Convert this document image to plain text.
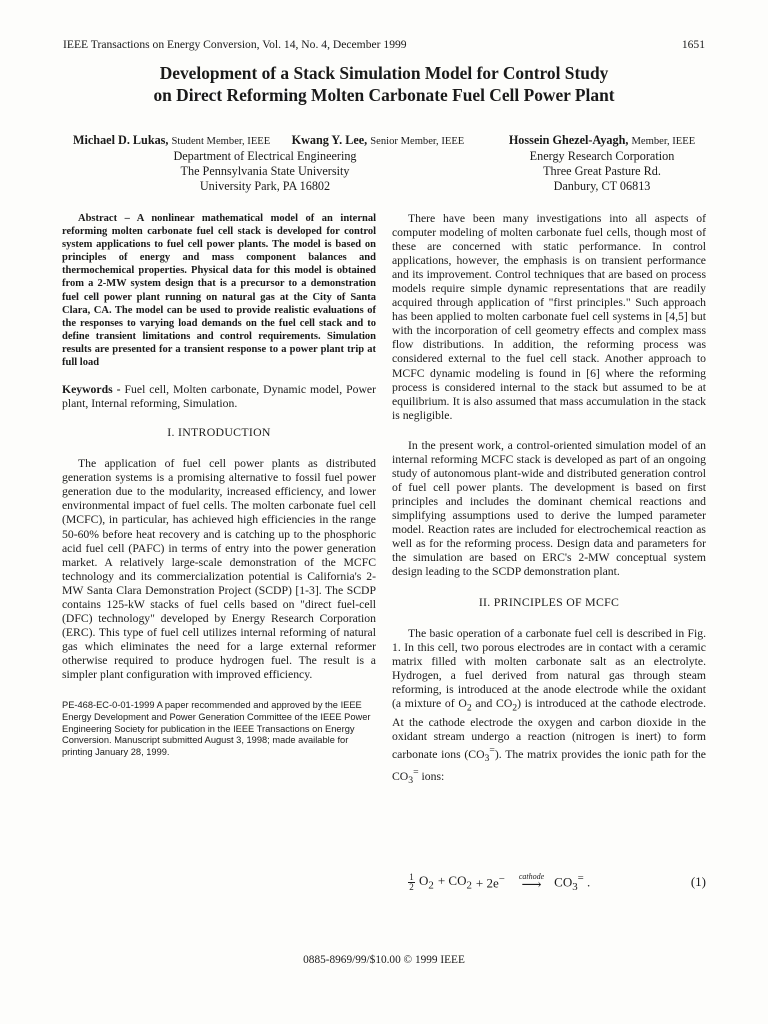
IEEE Transactions on Energy Conversion, Vol. 14, No. 4, December 1999	1651
Development of a Stack Simulation Model for Control Study
on Direct Reforming Molten Carbonate Fuel Cell Power Plant
Michael D. Lukas, Student Member, IEEE Kwang Y. Lee, Senior Member, IEEE
Department of Electrical Engineering
The Pennsylvania State University
University Park, PA 16802
Hossein Ghezel-Ayagh, Member, IEEE
Energy Research Corporation
Three Great Pasture Rd.
Danbury, CT 06813

Abstract – A nonlinear mathematical model of an internal reforming molten carbonate fuel cell stack is developed for control system applications to fuel cell power plants. The model is based on principles of energy and mass component balances and thermochemical properties. Physical data for this model is obtained from a 2-MW system design that is a precursor to a demonstration fuel cell power plant running on natural gas at the City of Santa Clara, CA. The model can be used to provide realistic evaluations of the responses to varying load demands on the fuel cell stack and to define transient limitations and control requirements. Simulation results are presented for a transient response to a power plant trip at full load

Keywords - Fuel cell, Molten carbonate, Dynamic model, Power plant, Internal reforming, Simulation.

I. INTRODUCTION

The application of fuel cell power plants as distributed generation systems is a promising alternative to fossil fuel power generation due to the modularity, increased efficiency, and lower environmental impact of fuel cells. The molten carbonate fuel cell (MCFC), in particular, has achieved high efficiencies in the range 50-60% before heat recovery and is catching up to the phosphoric acid fuel cell (PAFC) in terms of entry into the power generation market. A relatively large-scale demonstration of the MCFC technology and its commercialization potential is California's 2-MW Santa Clara Demonstration Project (SCDP) [1-3]. The SCDP contains 125-kW stacks of fuel cells based on "direct fuel-cell (DFC) technology" developed by Energy Research Corporation (ERC). This type of fuel cell utilizes internal reforming of natural gas which eliminates the need for a large external reformer otherwise required to produce hydrogen fuel. The result is a simpler plant configuration with improved efficiency.

PE-468-EC-0-01-1999 A paper recommended and approved by the IEEE Energy Development and Power Generation Committee of the IEEE Power Engineering Society for publication in the IEEE Transactions on Energy Conversion. Manuscript submitted August 3, 1998; made available for printing January 28, 1999.

There have been many investigations into all aspects of computer modeling of molten carbonate fuel cells, though most of these are concerned with static performance. In control applications, however, the emphasis is on transient performance and its improvement. Control techniques that are based on process models require simple dynamic representations that are readily acquired through application of "first principles." Such approach has been applied to molten carbonate fuel cell systems in [4,5] but with the incorporation of cell geometry effects and complex mass flow distributions. In addition, the reforming process was considered external to the fuel cell stack. Another approach to MCFC dynamic modeling is found in [6] where the reforming process is considered internal to the stack but assumed to be at equilibrium. It is also assumed that mass accumulation in the stack is negligible.

In the present work, a control-oriented simulation model of an internal reforming MCFC stack is developed as part of an ongoing study of autonomous plant-wide and distributed generation control of fuel cell power plants. The development is based on first principles and includes the dominant chemical reactions and simplifying assumptions used to derive the lumped parameter model. Reaction rates are included for electrochemical reaction as well as for the reforming process. Design data and parameters for the simulation are based on ERC's 2-MW conceptual system design leading to the SCDP demonstration plant.

II. PRINCIPLES OF MCFC

The basic operation of a carbonate fuel cell is described in Fig. 1. In this cell, two porous electrodes are in contact with a ceramic matrix filled with molten carbonate salt as an electrolyte. Hydrogen, a fuel derived from natural gas through steam reforming, is introduced at the anode electrode while the oxidant (a mixture of $O_2$ and $CO_2$) is introduced at the cathode electrode. At the cathode electrode the oxygen and carbon dioxide in the oxidant stream undergo a reaction (nitrogen is inert) to form carbonate ions $(CO_3^=)$. The matrix provides the ionic path for the $CO_3^=$ ions:

$\frac{1}{2} O_2 + CO_2 + 2e^-$ cathode
⟶ $CO_3^=$ .	(1)
0885-8969/99/$10.00 © 1999 IEEE
